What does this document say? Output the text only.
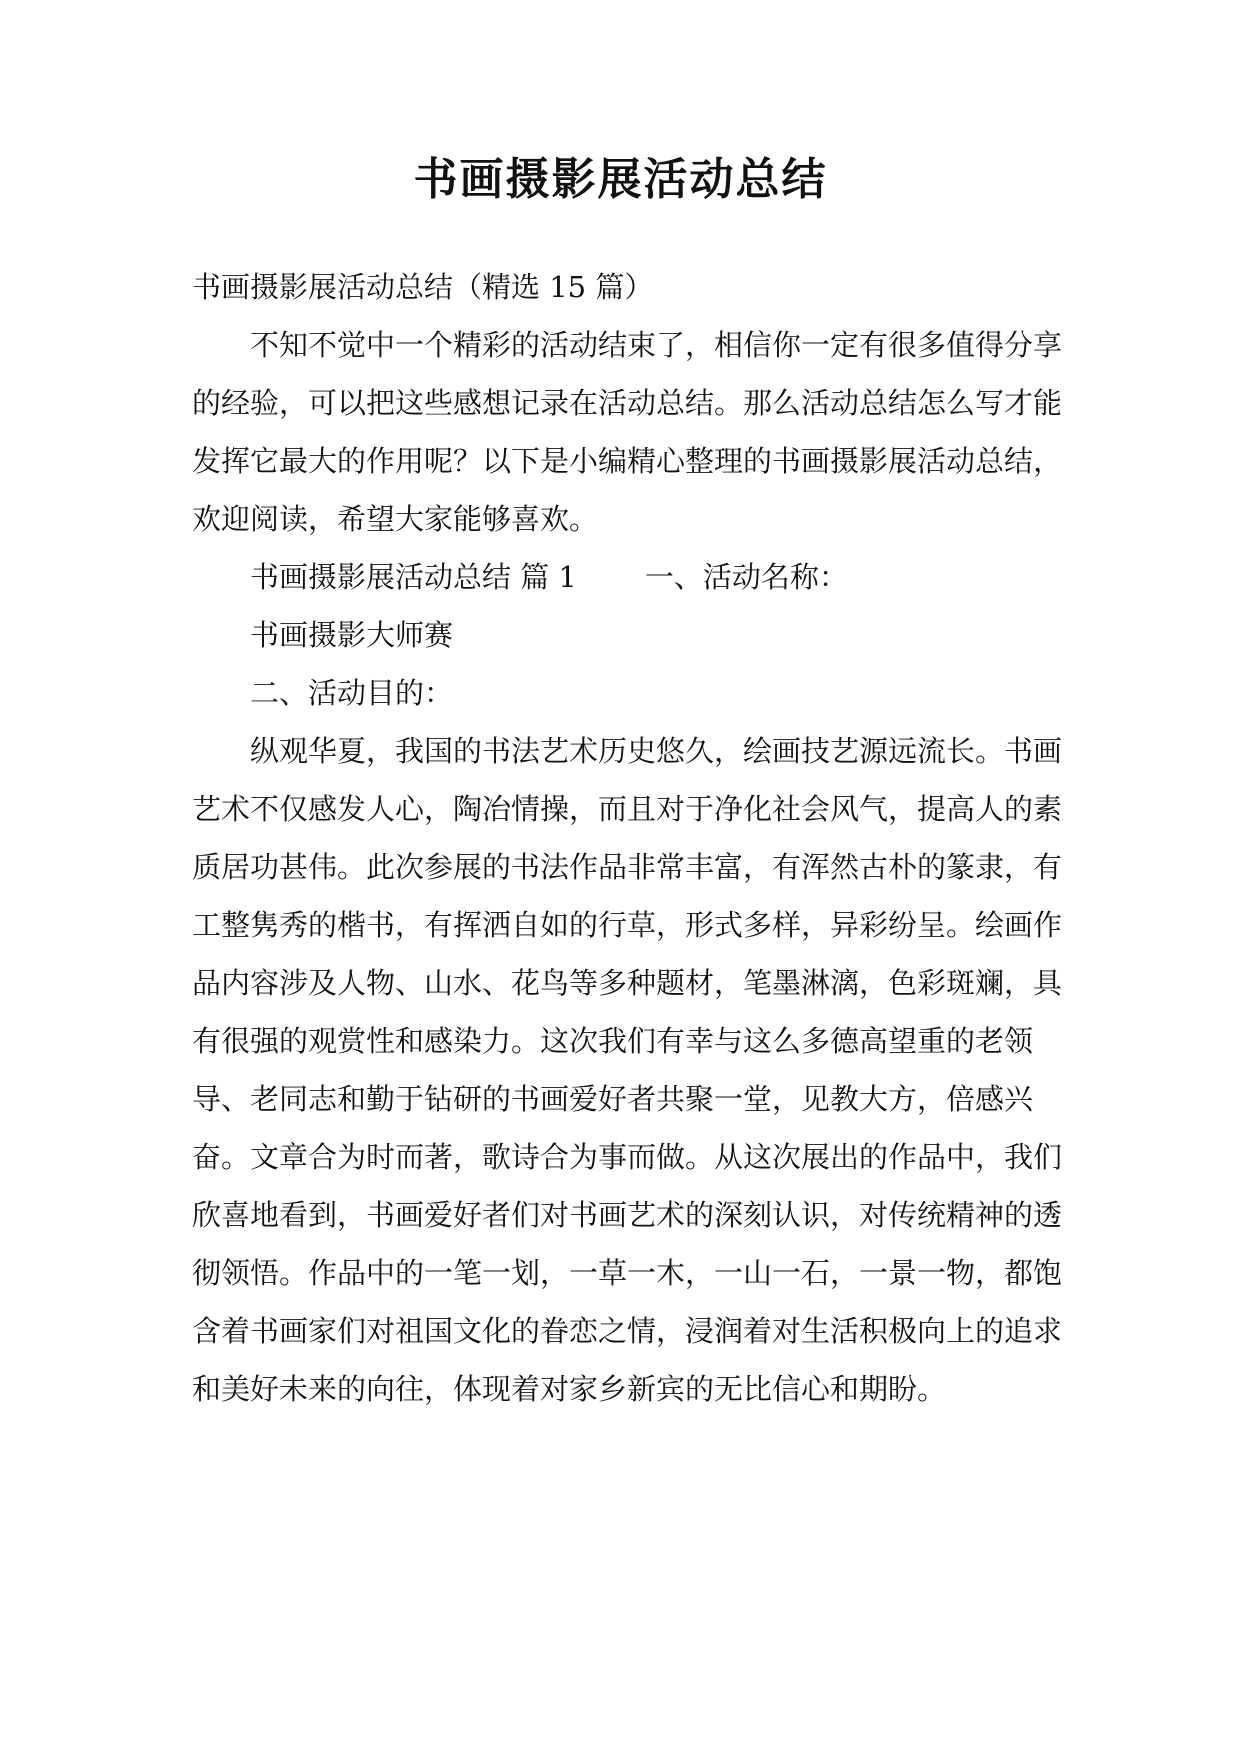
书画摄影展活动总结

书画摄影展活动总结（精选 15 篇）

不知不觉中一个精彩的活动结束了，相信你一定有很多值得分享的经验，可以把这些感想记录在活动总结。那么活动总结怎么写才能发挥它最大的作用呢？以下是小编精心整理的书画摄影展活动总结，欢迎阅读，希望大家能够喜欢。

书画摄影展活动总结 篇 1 一、活动名称：

书画摄影大师赛

二、活动目的：

纵观华夏，我国的书法艺术历史悠久，绘画技艺源远流长。书画艺术不仅感发人心，陶冶情操，而且对于净化社会风气，提高人的素质居功甚伟。此次参展的书法作品非常丰富，有浑然古朴的篆隶，有工整隽秀的楷书，有挥洒自如的行草，形式多样，异彩纷呈。绘画作品内容涉及人物、山水、花鸟等多种题材，笔墨淋漓，色彩斑斓，具有很强的观赏性和感染力。这次我们有幸与这么多德高望重的老领导、老同志和勤于钻研的书画爱好者共聚一堂，见教大方，倍感兴奋。文章合为时而著，歌诗合为事而做。从这次展出的作品中，我们欣喜地看到，书画爱好者们对书画艺术的深刻认识，对传统精神的透彻领悟。作品中的一笔一划，一草一木，一山一石，一景一物，都饱含着书画家们对祖国文化的眷恋之情，浸润着对生活积极向上的追求和美好未来的向往，体现着对家乡新宾的无比信心和期盼。
